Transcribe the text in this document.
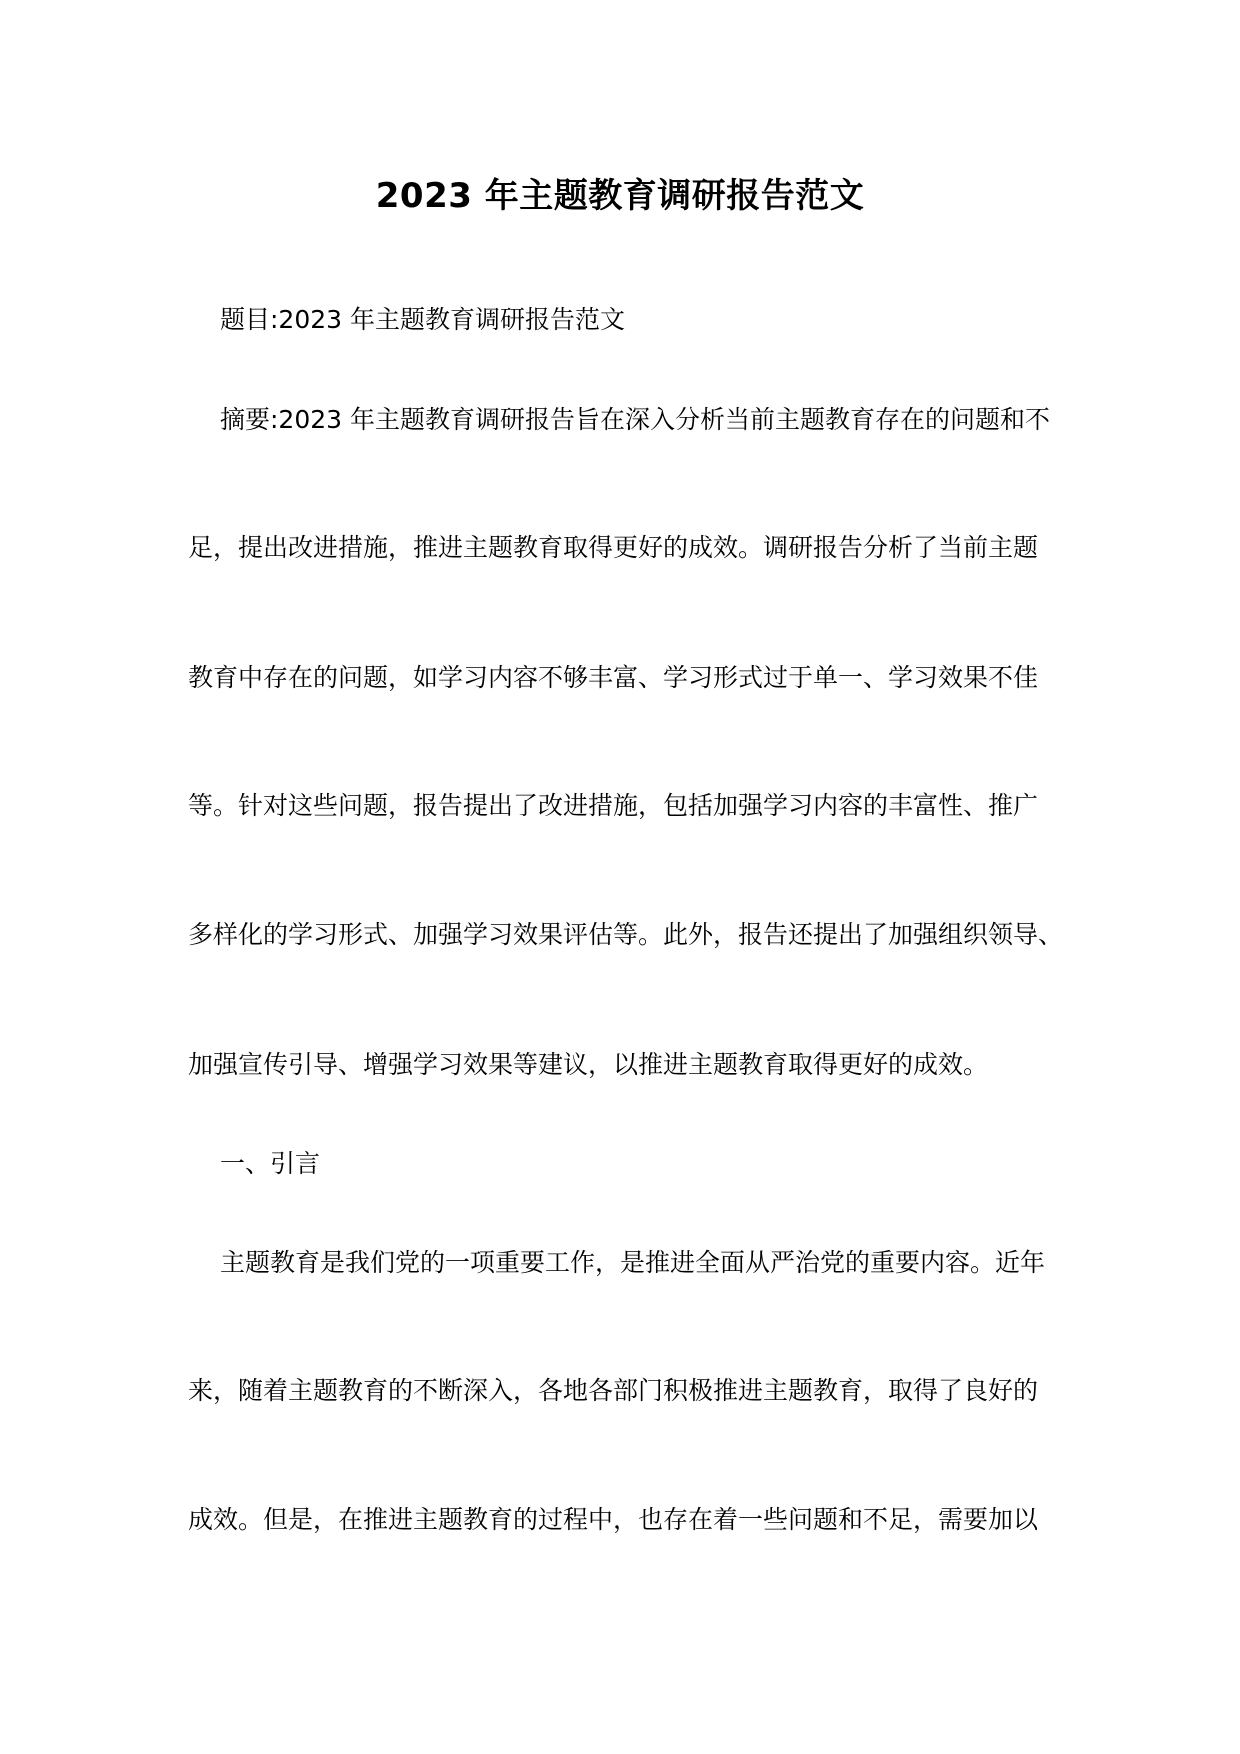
2023 年主题教育调研报告范文
题目:2023 年主题教育调研报告范文
摘要:2023 年主题教育调研报告旨在深入分析当前主题教育存在的问题和不
足，提出改进措施，推进主题教育取得更好的成效。调研报告分析了当前主题
教育中存在的问题，如学习内容不够丰富、学习形式过于单一、学习效果不佳
等。针对这些问题，报告提出了改进措施，包括加强学习内容的丰富性、推广
多样化的学习形式、加强学习效果评估等。此外，报告还提出了加强组织领导、
加强宣传引导、增强学习效果等建议，以推进主题教育取得更好的成效。
一、引言
主题教育是我们党的一项重要工作，是推进全面从严治党的重要内容。近年
来，随着主题教育的不断深入，各地各部门积极推进主题教育，取得了良好的
成效。但是，在推进主题教育的过程中，也存在着一些问题和不足，需要加以
